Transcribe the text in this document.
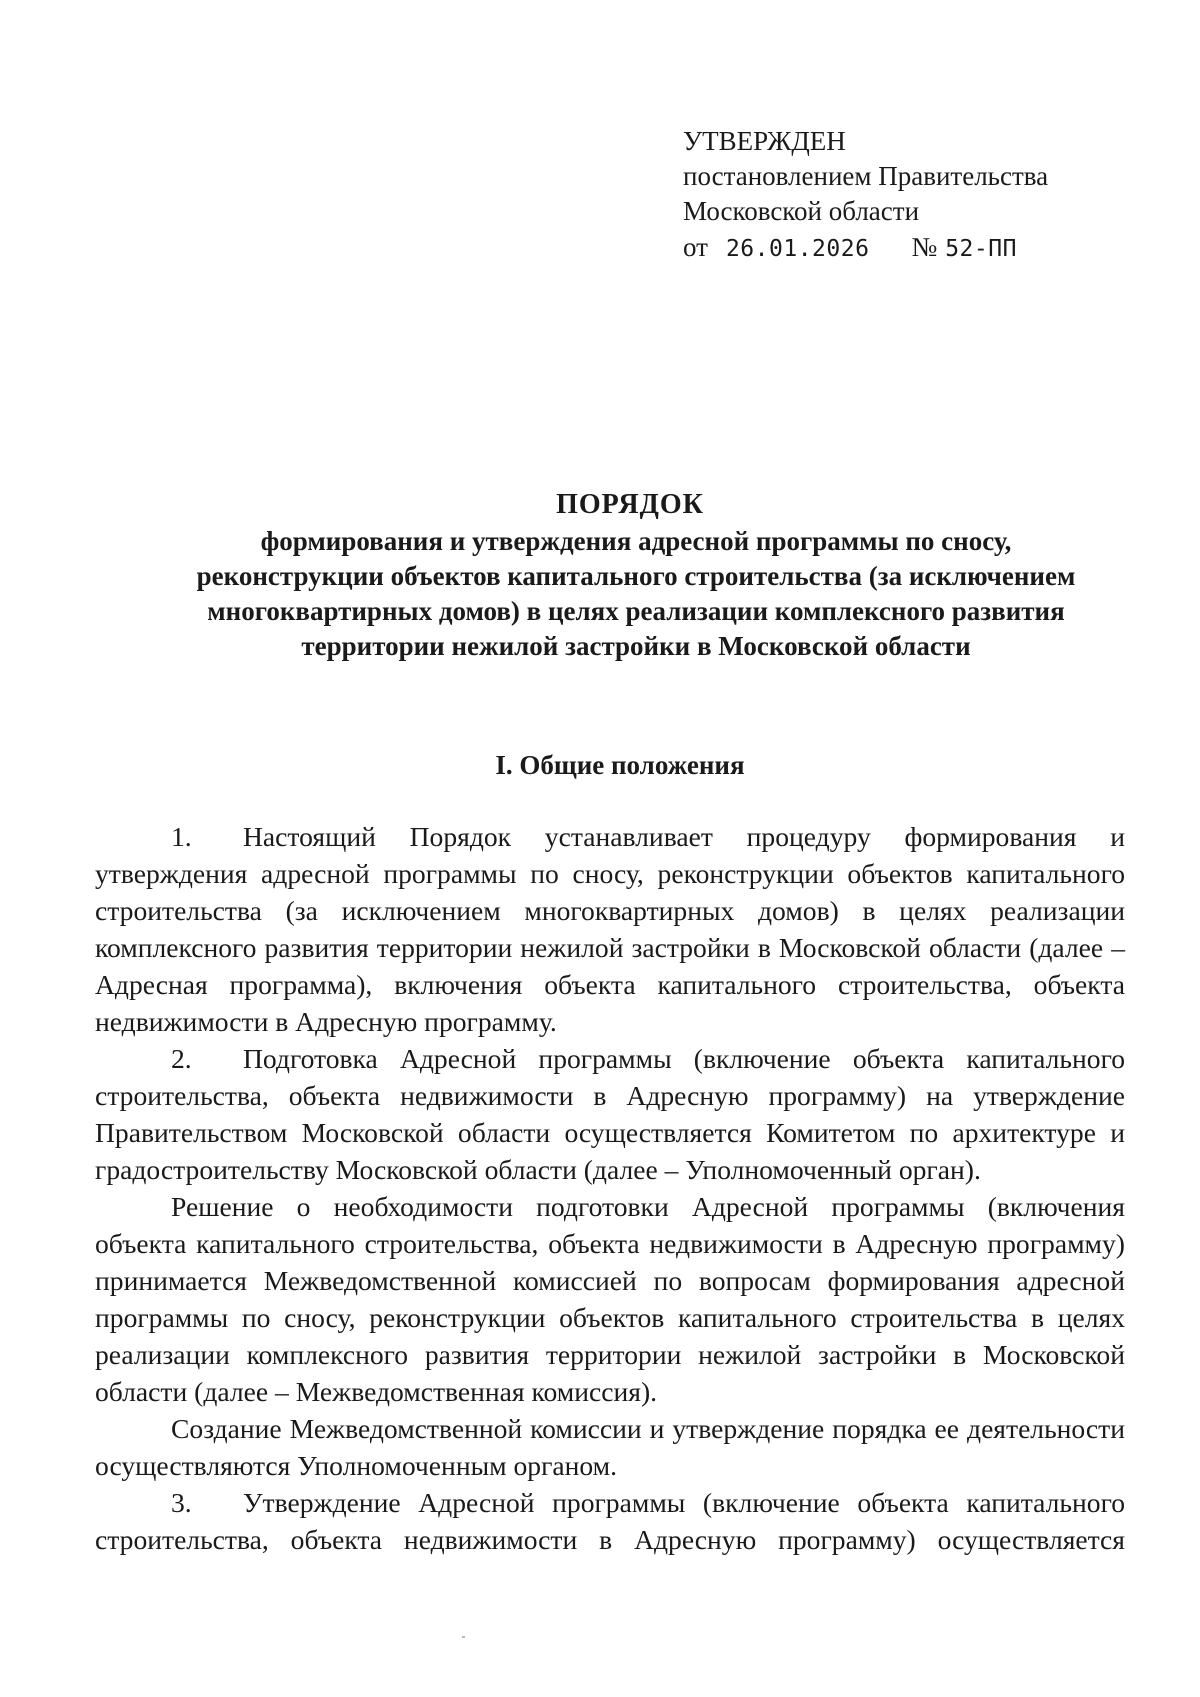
УТВЕРЖДЕН
постановлением Правительства
Московской области
от 26.01.2026 № 52-ПП
ПОРЯДОК
формирования и утверждения адресной программы по сносу, реконструкции объектов капитального строительства (за исключением многоквартирных домов) в целях реализации комплексного развития территории нежилой застройки в Московской области
I. Общие положения

1. Настоящий Порядок устанавливает процедуру формирования и утверждения адресной программы по сносу, реконструкции объектов капитального строительства (за исключением многоквартирных домов) в целях реализации комплексного развития территории нежилой застройки в Московской области (далее – Адресная программа), включения объекта капитального строительства, объекта недвижимости в Адресную программу.

2. Подготовка Адресной программы (включение объекта капитального строительства, объекта недвижимости в Адресную программу) на утверждение Правительством Московской области осуществляется Комитетом по архитектуре и градостроительству Московской области (далее – Уполномоченный орган).

Решение о необходимости подготовки Адресной программы (включения объекта капитального строительства, объекта недвижимости в Адресную программу) принимается Межведомственной комиссией по вопросам формирования адресной программы по сносу, реконструкции объектов капитального строительства в целях реализации комплексного развития территории нежилой застройки в Московской области (далее – Межведомственная комиссия).

Создание Межведомственной комиссии и утверждение порядка ее деятельности осуществляются Уполномоченным органом.

3. Утверждение Адресной программы (включение объекта капитального строительства, объекта недвижимости в Адресную программу) осуществляется
